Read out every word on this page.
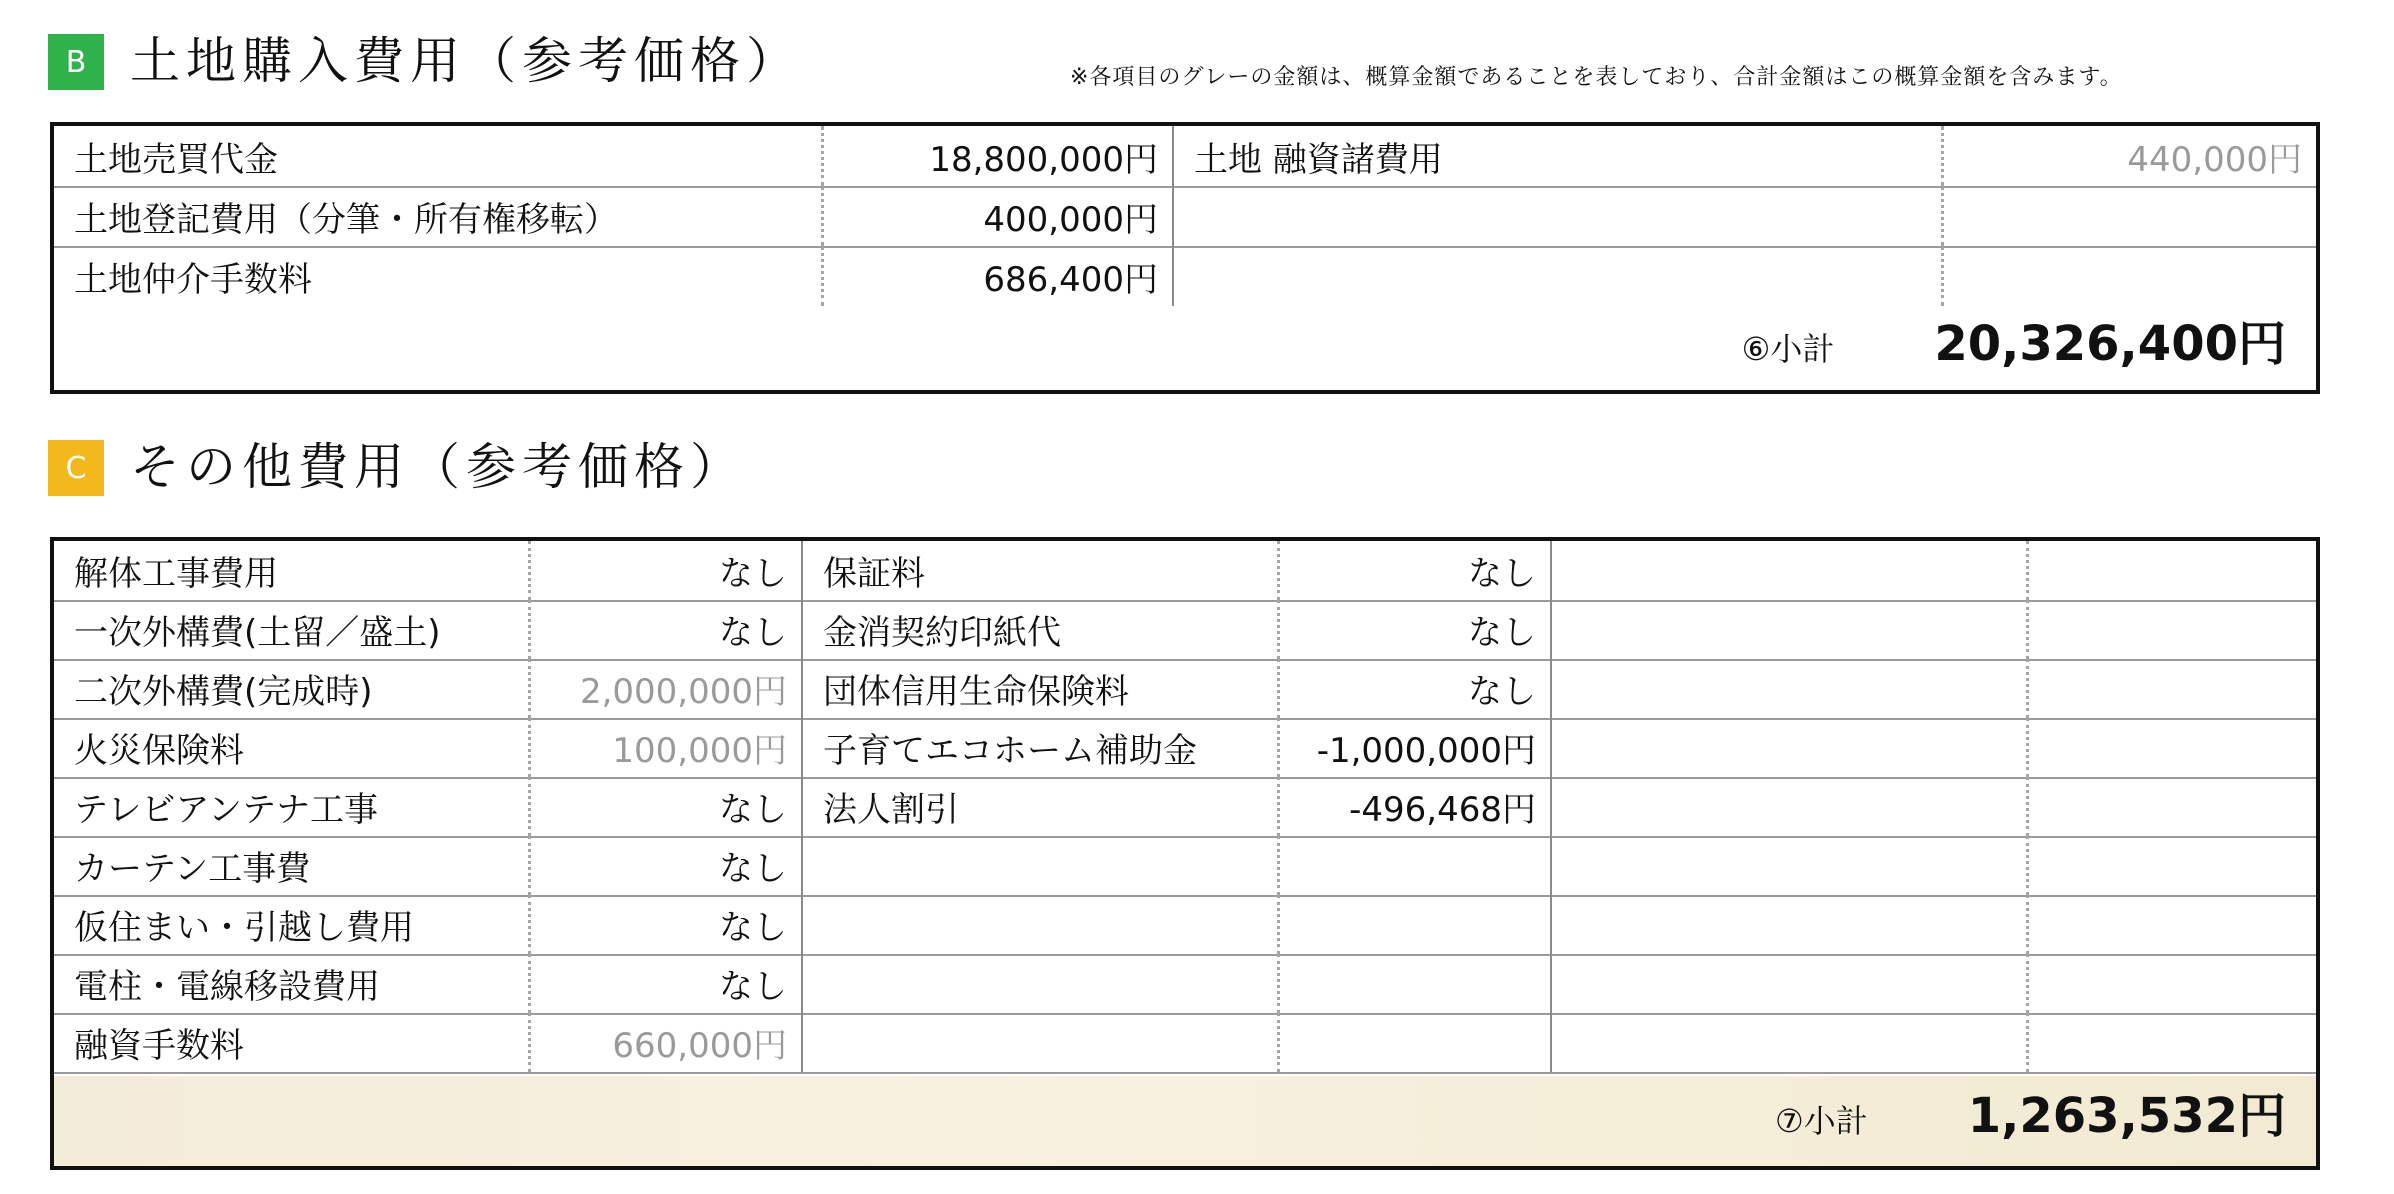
B 土地購入費用（参考価格）	※各項目のグレーの金額は、概算金額であることを表しており、合計金額はこの概算金額を含みます。
土地売買代金	18,800,000円	土地 融資諸費用	440,000円
土地登記費用（分筆・所有権移転）	400,000円
土地仲介手数料	686,400円
⑥小計 20,326,400円
C その他費用（参考価格）
解体工事費用	なし	保証料	なし
一次外構費(土留／盛土)	なし	金消契約印紙代	なし
二次外構費(完成時)	2,000,000円	団体信用生命保険料	なし
火災保険料	100,000円	子育てエコホーム補助金	-1,000,000円
テレビアンテナ工事	なし	法人割引	-496,468円
カーテン工事費	なし
仮住まい・引越し費用	なし
電柱・電線移設費用	なし
融資手数料	660,000円
⑦小計 1,263,532円
